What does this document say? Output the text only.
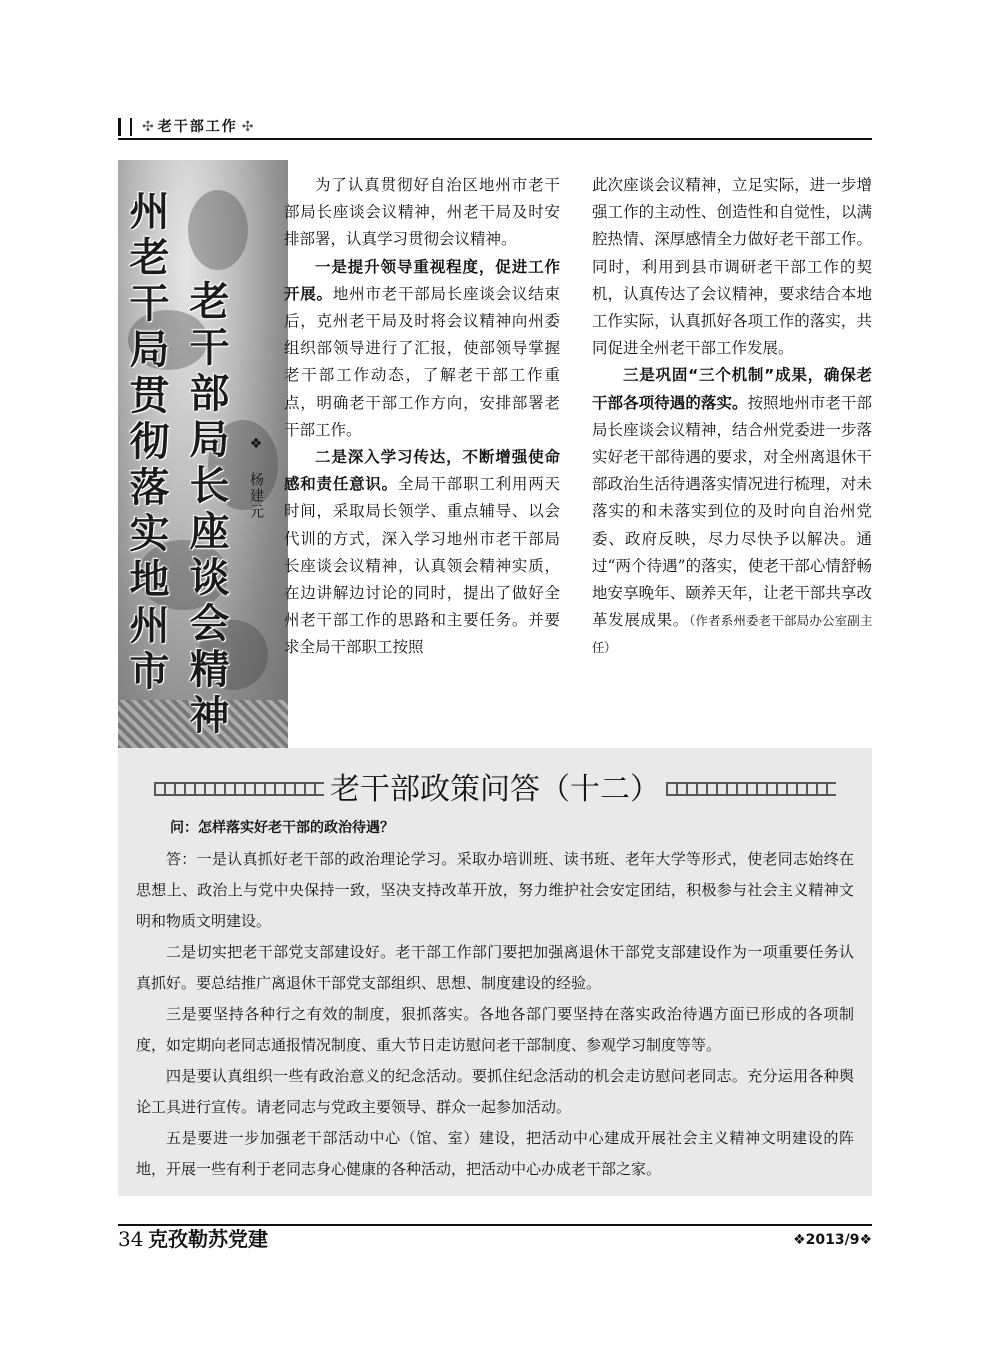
✣ 老干部工作 ✣
州老干局贯彻落实地州市 老干部局长座谈会精神	❖ 杨建元

为了认真贯彻好自治区地州市老干部局长座谈会议精神，州老干局及时安排部署，认真学习贯彻会议精神。

一是提升领导重视程度，促进工作开展。地州市老干部局长座谈会议结束后，克州老干局及时将会议精神向州委组织部领导进行了汇报，使部领导掌握老干部工作动态，了解老干部工作重点，明确老干部工作方向，安排部署老干部工作。

二是深入学习传达，不断增强使命感和责任意识。全局干部职工利用两天时间，采取局长领学、重点辅导、以会代训的方式，深入学习地州市老干部局长座谈会议精神，认真领会精神实质，在边讲解边讨论的同时，提出了做好全州老干部工作的思路和主要任务。并要求全局干部职工按照

此次座谈会议精神，立足实际，进一步增强工作的主动性、创造性和自觉性，以满腔热情、深厚感情全力做好老干部工作。同时，利用到县市调研老干部工作的契机，认真传达了会议精神，要求结合本地工作实际，认真抓好各项工作的落实，共同促进全州老干部工作发展。

三是巩固“三个机制”成果，确保老干部各项待遇的落实。按照地州市老干部局长座谈会议精神，结合州党委进一步落实好老干部待遇的要求，对全州离退休干部政治生活待遇落实情况进行梳理，对未落实的和未落实到位的及时向自治州党委、政府反映，尽力尽快予以解决。通过“两个待遇”的落实，使老干部心情舒畅地安享晚年、颐养天年，让老干部共享改革发展成果。（作者系州委老干部局办公室副主任）

老干部政策问答（十二）
问：怎样落实好老干部的政治待遇？

答：一是认真抓好老干部的政治理论学习。采取办培训班、读书班、老年大学等形式，使老同志始终在思想上、政治上与党中央保持一致，坚决支持改革开放，努力维护社会安定团结，积极参与社会主义精神文明和物质文明建设。

二是切实把老干部党支部建设好。老干部工作部门要把加强离退休干部党支部建设作为一项重要任务认真抓好。要总结推广离退休干部党支部组织、思想、制度建设的经验。

三是要坚持各种行之有效的制度，狠抓落实。各地各部门要坚持在落实政治待遇方面已形成的各项制度，如定期向老同志通报情况制度、重大节日走访慰问老干部制度、参观学习制度等等。

四是要认真组织一些有政治意义的纪念活动。要抓住纪念活动的机会走访慰问老同志。充分运用各种舆论工具进行宣传。请老同志与党政主要领导、群众一起参加活动。

五是要进一步加强老干部活动中心（馆、室）建设，把活动中心建成开展社会主义精神文明建设的阵地，开展一些有利于老同志身心健康的各种活动，把活动中心办成老干部之家。

34 克孜勒苏党建	❖2013/9❖
